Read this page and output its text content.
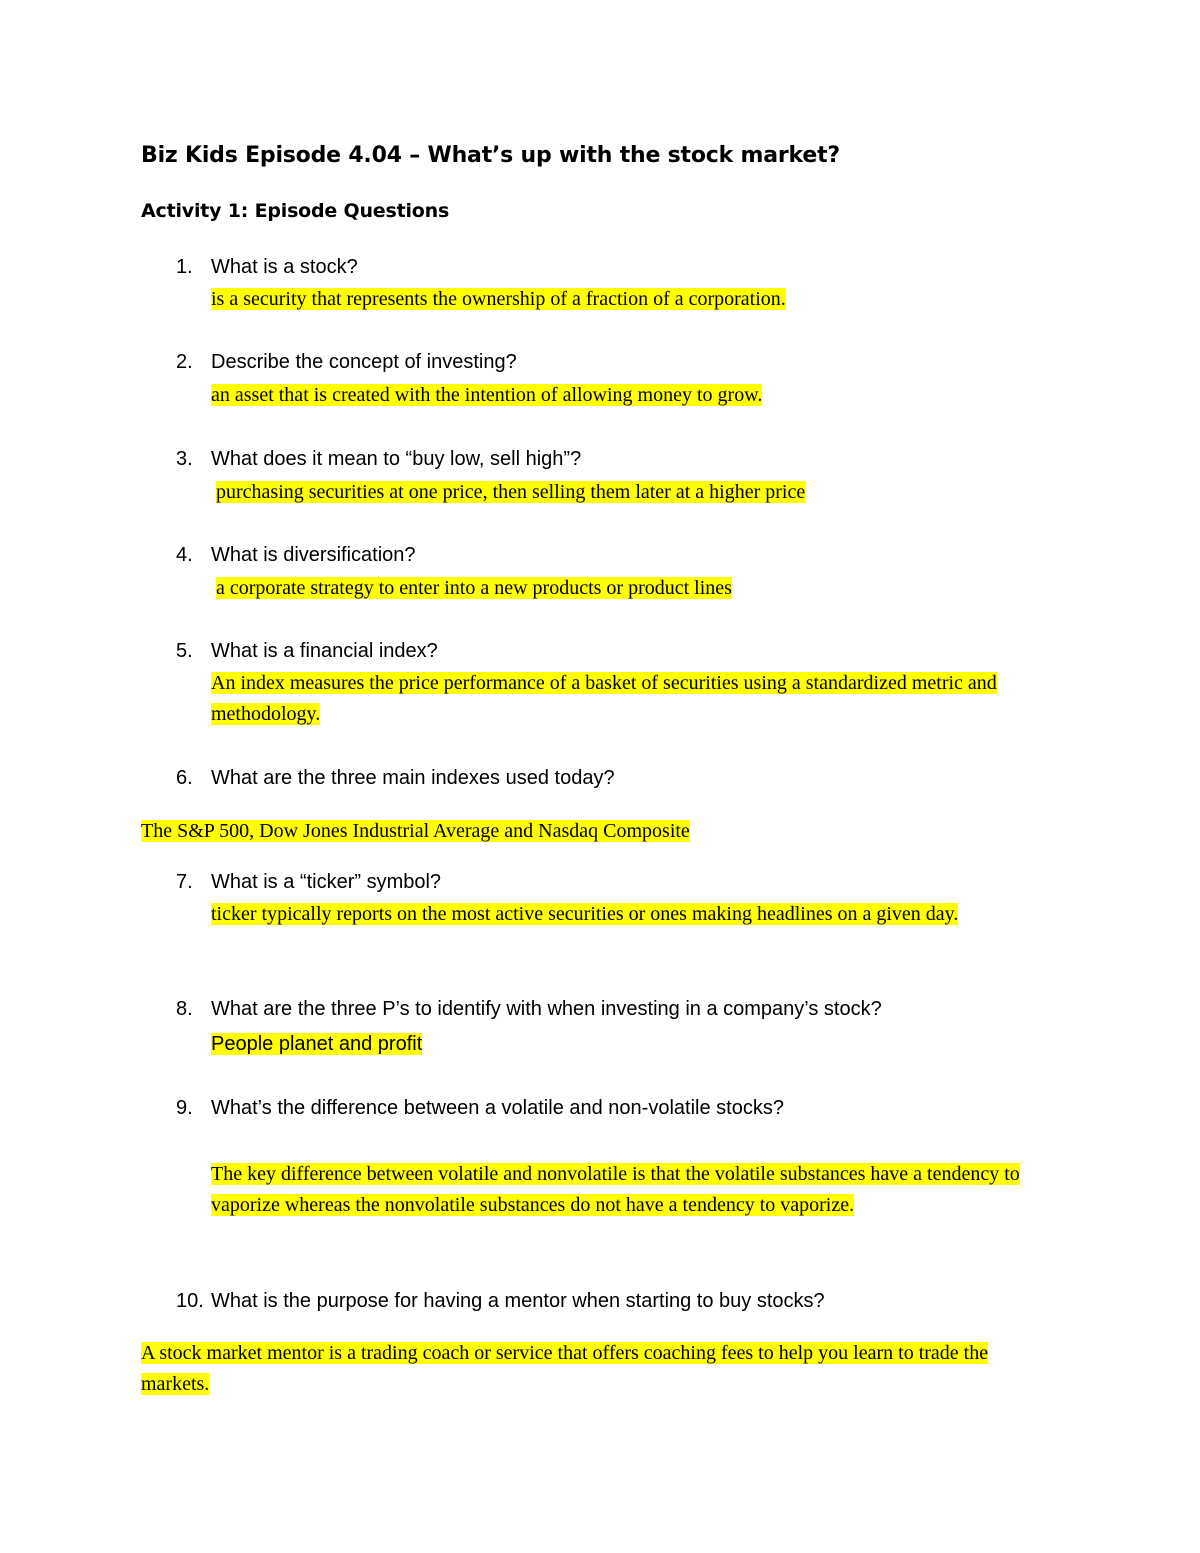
Biz Kids Episode 4.04 – What’s up with the stock market?
Activity 1: Episode Questions
1. What is a stock?
is a security that represents the ownership of a fraction of a corporation.
2. Describe the concept of investing?
an asset that is created with the intention of allowing money to grow.
3. What does it mean to “buy low, sell high”?
purchasing securities at one price, then selling them later at a higher price
4. What is diversification?
a corporate strategy to enter into a new products or product lines
5. What is a financial index?
An index measures the price performance of a basket of securities using a standardized metric and methodology.
6. What are the three main indexes used today?
The S&P 500, Dow Jones Industrial Average and Nasdaq Composite
7. What is a “ticker” symbol?
ticker typically reports on the most active securities or ones making headlines on a given day.
8. What are the three P’s to identify with when investing in a company’s stock?
People planet and profit
9. What’s the difference between a volatile and non-volatile stocks?
The key difference between volatile and nonvolatile is that the volatile substances have a tendency to vaporize whereas the nonvolatile substances do not have a tendency to vaporize.
10. What is the purpose for having a mentor when starting to buy stocks?
A stock market mentor is a trading coach or service that offers coaching fees to help you learn to trade the markets.
